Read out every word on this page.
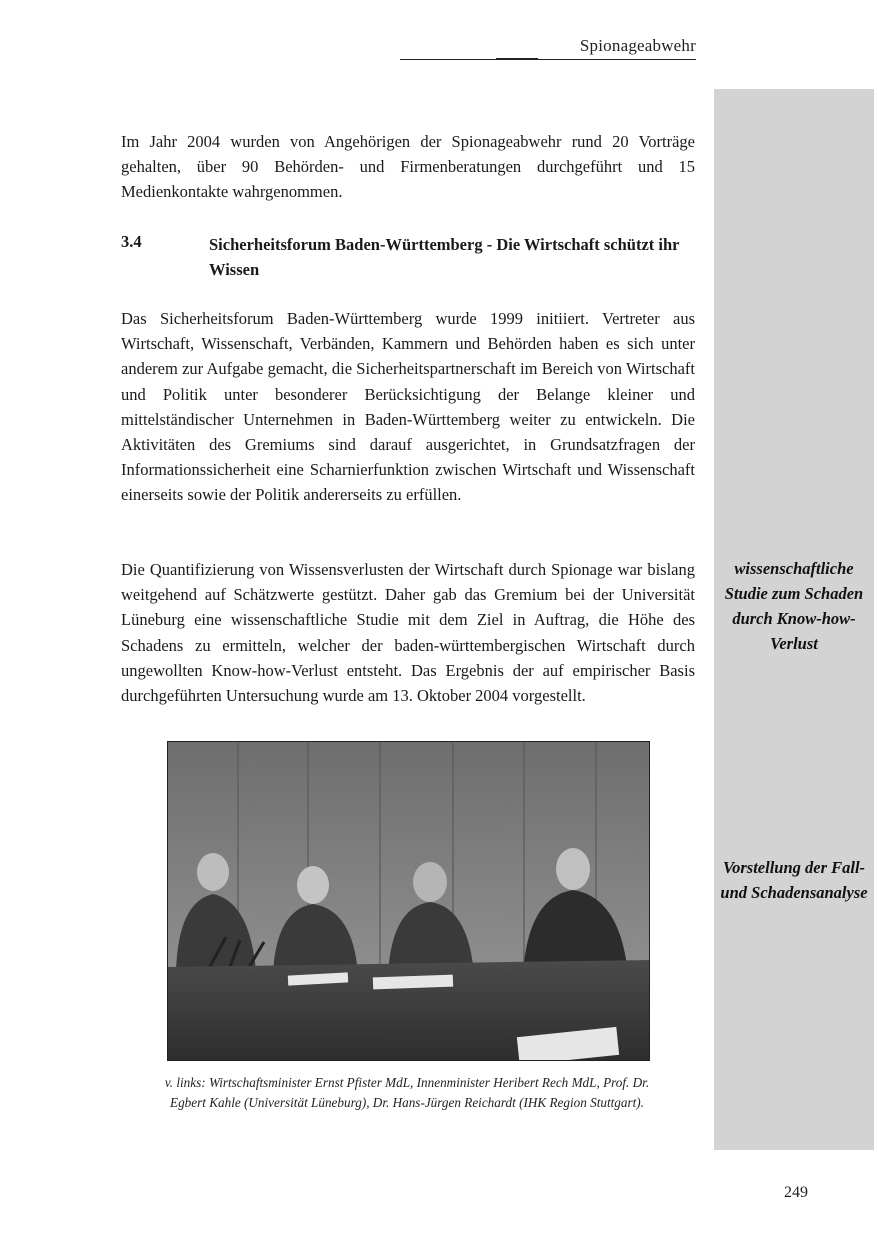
Spionageabwehr
wissenschaftliche Studie zum Schaden durch Know-how-Verlust
Vorstellung der Fall- und Schadensanalyse

Im Jahr 2004 wurden von Angehörigen der Spionageabwehr rund 20 Vorträge gehalten, über 90 Behörden- und Firmenberatungen durchgeführt und 15 Medienkontakte wahrgenommen.

3.4	Sicherheitsforum Baden-Württemberg - Die Wirtschaft schützt ihr Wissen

Das Sicherheitsforum Baden-Württemberg wurde 1999 initiiert. Vertreter aus Wirtschaft, Wissenschaft, Verbänden, Kammern und Behörden haben es sich unter anderem zur Aufgabe gemacht, die Sicherheitspartnerschaft im Bereich von Wirtschaft und Politik unter besonderer Berücksichtigung der Belange kleiner und mittelständischer Unternehmen in Baden-Württemberg weiter zu entwickeln. Die Aktivitäten des Gremiums sind darauf ausgerichtet, in Grundsatzfragen der Informationssicherheit eine Scharnierfunktion zwischen Wirtschaft und Wissenschaft einerseits sowie der Politik andererseits zu erfüllen.

Die Quantifizierung von Wissensverlusten der Wirtschaft durch Spionage war bislang weitgehend auf Schätzwerte gestützt. Daher gab das Gremium bei der Universität Lüneburg eine wissenschaftliche Studie mit dem Ziel in Auftrag, die Höhe des Schadens zu ermitteln, welcher der baden-württembergischen Wirtschaft durch ungewollten Know-how-Verlust entsteht. Das Ergebnis der auf empirischer Basis durchgeführten Untersuchung wurde am 13. Oktober 2004 vorgestellt.

v. links: Wirtschaftsminister Ernst Pfister MdL, Innenminister Heribert Rech MdL, Prof. Dr. Egbert Kahle (Universität Lüneburg), Dr. Hans-Jürgen Reichardt (IHK Region Stuttgart).

249
